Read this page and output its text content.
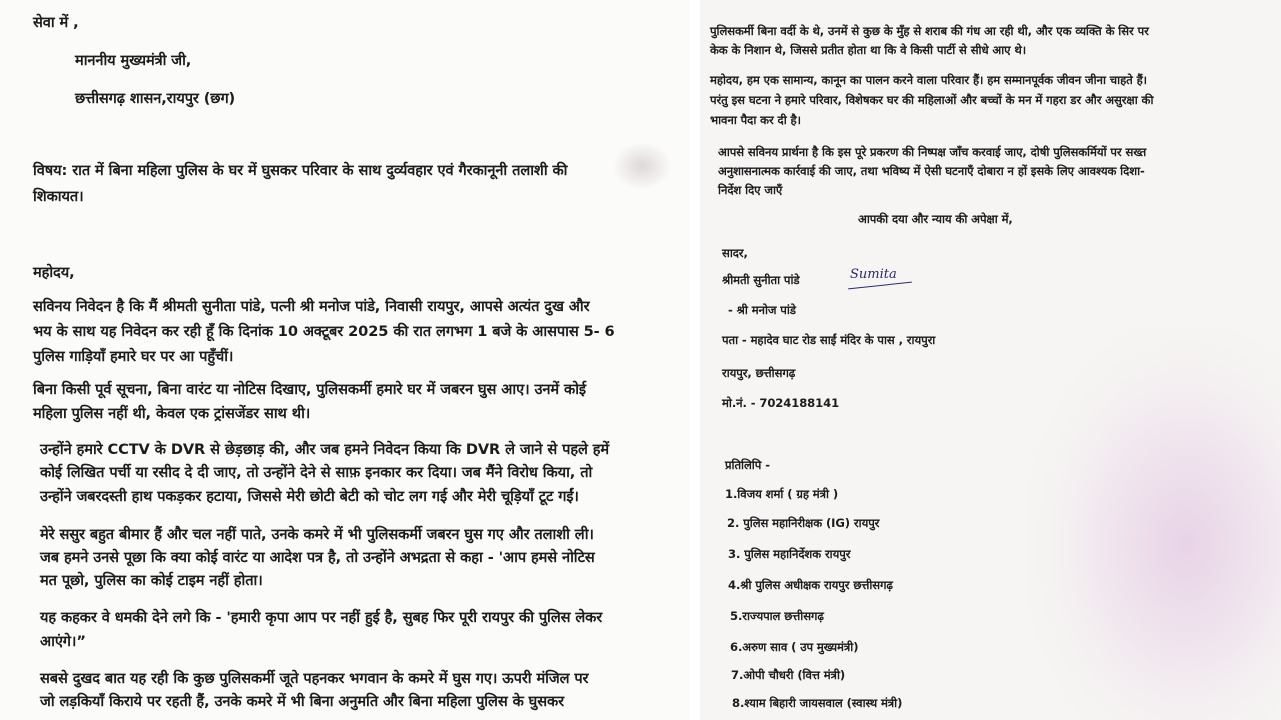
सेवा में ,
माननीय मुख्यमंत्री जी,
छत्तीसगढ़ शासन,रायपुर (छग)
विषय: रात में बिना महिला पुलिस के घर में घुसकर परिवार के साथ दुर्व्यवहार एवं गैरकानूनी तलाशी की
शिकायत।
महोदय,
सविनय निवेदन है कि मैं श्रीमती सुनीता पांडे, पत्नी श्री मनोज पांडे, निवासी रायपुर, आपसे अत्यंत दुख और
भय के साथ यह निवेदन कर रही हूँ कि दिनांक 10 अक्टूबर 2025 की रात लगभग 1 बजे के आसपास 5- 6
पुलिस गाड़ियाँ हमारे घर पर आ पहुँचीं।
बिना किसी पूर्व सूचना, बिना वारंट या नोटिस दिखाए, पुलिसकर्मी हमारे घर में जबरन घुस आए। उनमें कोई
महिला पुलिस नहीं थी, केवल एक ट्रांसजेंडर साथ थी।
उन्होंने हमारे CCTV के DVR से छेड़छाड़ की, और जब हमने निवेदन किया कि DVR ले जाने से पहले हमें
कोई लिखित पर्ची या रसीद दे दी जाए, तो उन्होंने देने से साफ़ इनकार कर दिया। जब मैंने विरोध किया, तो
उन्होंने जबरदस्ती हाथ पकड़कर हटाया, जिससे मेरी छोटी बेटी को चोट लग गई और मेरी चूड़ियाँ टूट गईं।
मेरे ससुर बहुत बीमार हैं और चल नहीं पाते, उनके कमरे में भी पुलिसकर्मी जबरन घुस गए और तलाशी ली।
जब हमने उनसे पूछा कि क्या कोई वारंट या आदेश पत्र है, तो उन्होंने अभद्रता से कहा - 'आप हमसे नोटिस
मत पूछो, पुलिस का कोई टाइम नहीं होता।
यह कहकर वे धमकी देने लगे कि - 'हमारी कृपा आप पर नहीं हुई है, सुबह फिर पूरी रायपुर की पुलिस लेकर
आएंगे।”
सबसे दुखद बात यह रही कि कुछ पुलिसकर्मी जूते पहनकर भगवान के कमरे में घुस गए। ऊपरी मंजिल पर
जो लड़कियाँ किराये पर रहती हैं, उनके कमरे में भी बिना अनुमति और बिना महिला पुलिस के घुसकर
पुलिसकर्मी बिना वर्दी के थे, उनमें से कुछ के मुँह से शराब की गंध आ रही थी, और एक व्यक्ति के सिर पर
केक के निशान थे, जिससे प्रतीत होता था कि वे किसी पार्टी से सीधे आए थे।
महोदय, हम एक सामान्य, कानून का पालन करने वाला परिवार हैं। हम सम्मानपूर्वक जीवन जीना चाहते हैं।
परंतु इस घटना ने हमारे परिवार, विशेषकर घर की महिलाओं और बच्चों के मन में गहरा डर और असुरक्षा की
भावना पैदा कर दी है।
आपसे सविनय प्रार्थना है कि इस पूरे प्रकरण की निष्पक्ष जाँच करवाई जाए, दोषी पुलिसकर्मियों पर सख्त
अनुशासनात्मक कार्रवाई की जाए, तथा भविष्य में ऐसी घटनाएँ दोबारा न हों इसके लिए आवश्यक दिशा-
निर्देश दिए जाएँ
आपकी दया और न्याय की अपेक्षा में,
सादर,
श्रीमती सुनीता पांडे	Sumita
- श्री मनोज पांडे
पता - महादेव घाट रोड साईं मंदिर के पास , रायपुरा
रायपुर, छत्तीसगढ़
मो.नं. - 7024188141
प्रतिलिपि -
1.विजय शर्मा ( ग्रह मंत्री )
2. पुलिस महानिरीक्षक (IG) रायपुर
3. पुलिस महानिर्देशक रायपुर
4.श्री पुलिस अधीक्षक रायपुर छत्तीसगढ़
5.राज्यपाल छत्तीसगढ़
6.अरुण साव ( उप मुख्यमंत्री)
7.ओपी चौधरी (वित्त मंत्री)
8.श्याम बिहारी जायसवाल (स्वास्थ मंत्री)
